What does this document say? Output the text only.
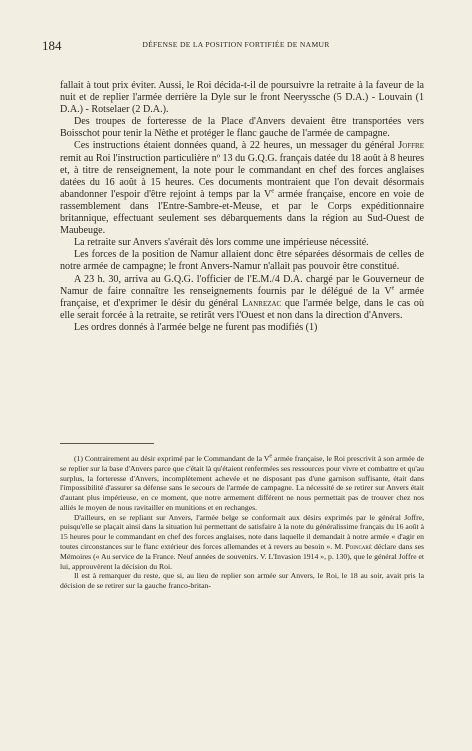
184	DÉFENSE DE LA POSITION FORTIFIÉE DE NAMUR

fallait à tout prix éviter. Aussi, le Roi décida-t-il de poursuivre la retraite à la faveur de la nuit et de replier l'armée derrière la Dyle sur le front Neeryssche (5 D.A.) - Louvain (1 D.A.) - Rotselaer (2 D.A.).

Des troupes de forteresse de la Place d'Anvers devaient être transportées vers Boisschot pour tenir la Nèthe et protéger le flanc gauche de l'armée de campagne.

Ces instructions étaient données quand, à 22 heures, un messager du général Joffre remit au Roi l'instruction particulière nº 13 du G.Q.G. français datée du 18 août à 8 heures et, à titre de renseignement, la note pour le commandant en chef des forces anglaises datées du 16 août à 15 heures. Ces documents montraient que l'on devait désormais abandonner l'espoir d'être rejoint à temps par la Ve armée française, encore en voie de rassemblement dans l'Entre-Sambre-et-Meuse, et par le Corps expéditionnaire britannique, effectuant seulement ses débarquements dans la région au Sud-Ouest de Maubeuge.

La retraite sur Anvers s'avérait dès lors comme une impérieuse nécessité.

Les forces de la position de Namur allaient donc être séparées désormais de celles de notre armée de campagne; le front Anvers-Namur n'allait pas pouvoir être constitué.

A 23 h. 30, arriva au G.Q.G. l'officier de l'E.M./4 D.A. chargé par le Gouverneur de Namur de faire connaître les renseignements fournis par le délégué de la Ve armée française, et d'exprimer le désir du général Lanrezac que l'armée belge, dans le cas où elle serait forcée à la retraite, se retirât vers l'Ouest et non dans la direction d'Anvers.

Les ordres donnés à l'armée belge ne furent pas modifiés (1)

(1) Contrairement au désir exprimé par le Commandant de la Ve armée française, le Roi prescrivit à son armée de se replier sur la base d'Anvers parce que c'était là qu'étaient renfermées ses ressources pour vivre et combattre et qu'au surplus, la forteresse d'Anvers, incomplètement achevée et ne disposant pas d'une garnison suffisante, était dans l'impossibilité d'assurer sa défense sans le secours de l'armée de campagne. La nécessité de se retirer sur Anvers était d'autant plus impérieuse, en ce moment, que notre armement différent ne nous permettait pas de trouver chez nos alliés le moyen de nous ravitailler en munitions et en rechanges.

D'ailleurs, en se repliant sur Anvers, l'armée belge se conformait aux désirs exprimés par le général Joffre, puisqu'elle se plaçait ainsi dans la situation lui permettant de satisfaire à la note du généralissime français du 16 août à 15 heures pour le commandant en chef des forces anglaises, note dans laquelle il demandait à notre armée « d'agir en toutes circonstances sur le flanc extérieur des forces allemandes et à revers au besoin ». M. Poincaré déclare dans ses Mémoires (« Au service de la France. Neuf années de souvenirs. V. L'Invasion 1914 », p. 130), que le général Joffre et lui, approuvèrent la décision du Roi.

Il est à remarquer du reste, que si, au lieu de replier son armée sur Anvers, le Roi, le 18 au soir, avait pris la décision de se retirer sur la gauche franco-britan-
